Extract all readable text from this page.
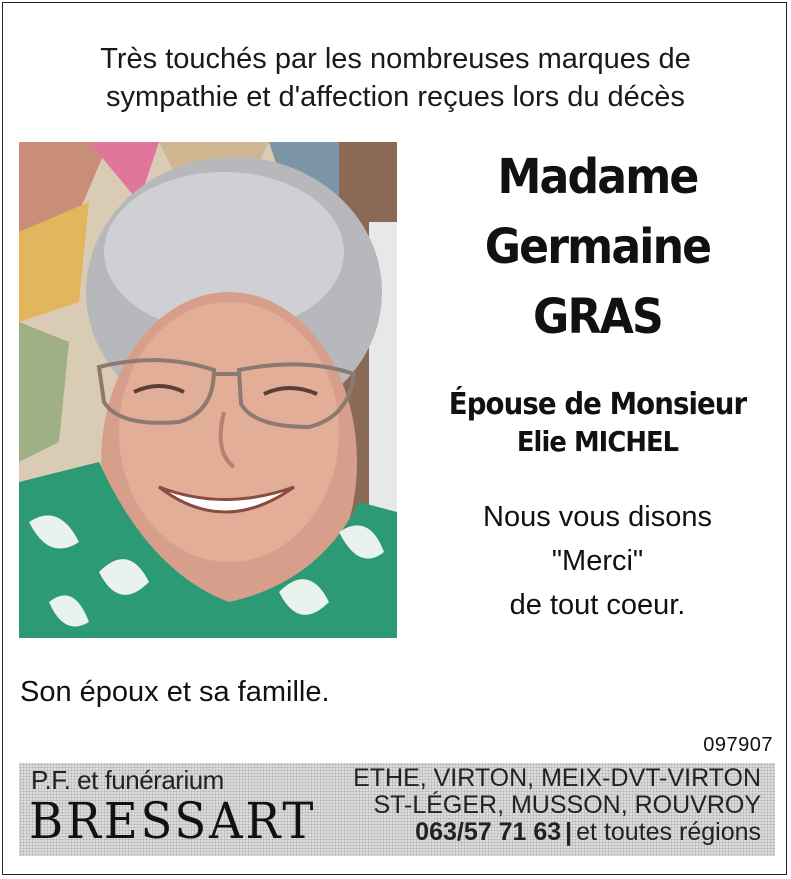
Très touchés par les nombreuses marques de
sympathie et d'affection reçues lors du décès
Madame
Germaine
GRAS
Épouse de Monsieur
Elie MICHEL
Nous vous disons
"Merci"
de tout coeur.
Son époux et sa famille.
097907
P.F. et funérarium
BRESSART
ETHE, VIRTON, MEIX-DVT-VIRTON
ST-LÉGER, MUSSON, ROUVROY
063/57 71 63 | et toutes régions
